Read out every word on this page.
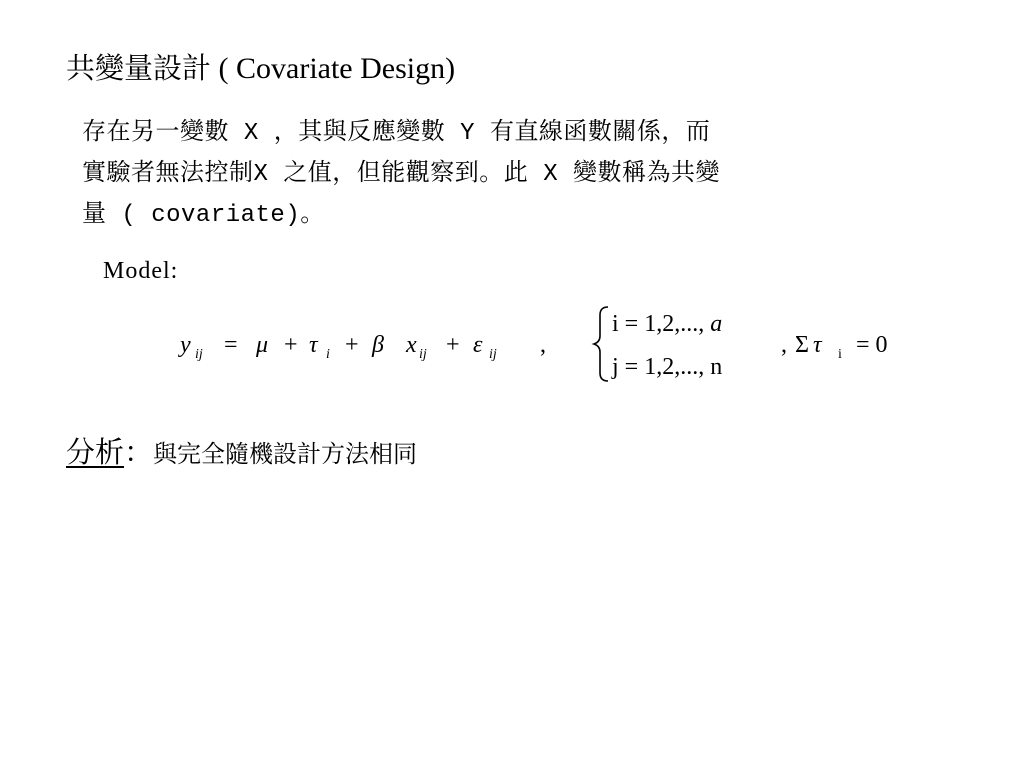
共變量設計 ( Covariate Design)

存在另一變數 X ，其與反應變數 Y 有直線函數關係，而
實驗者無法控制X 之值，但能觀察到。此 X 變數稱為共變
量 ( covariate)。

Model:
y ij = μ + τ i + β x ij + ε ij ,
i = 1,2,..., a
j = 1,2,..., n
, Σ τ i = 0
分析：與完全隨機設計方法相同
